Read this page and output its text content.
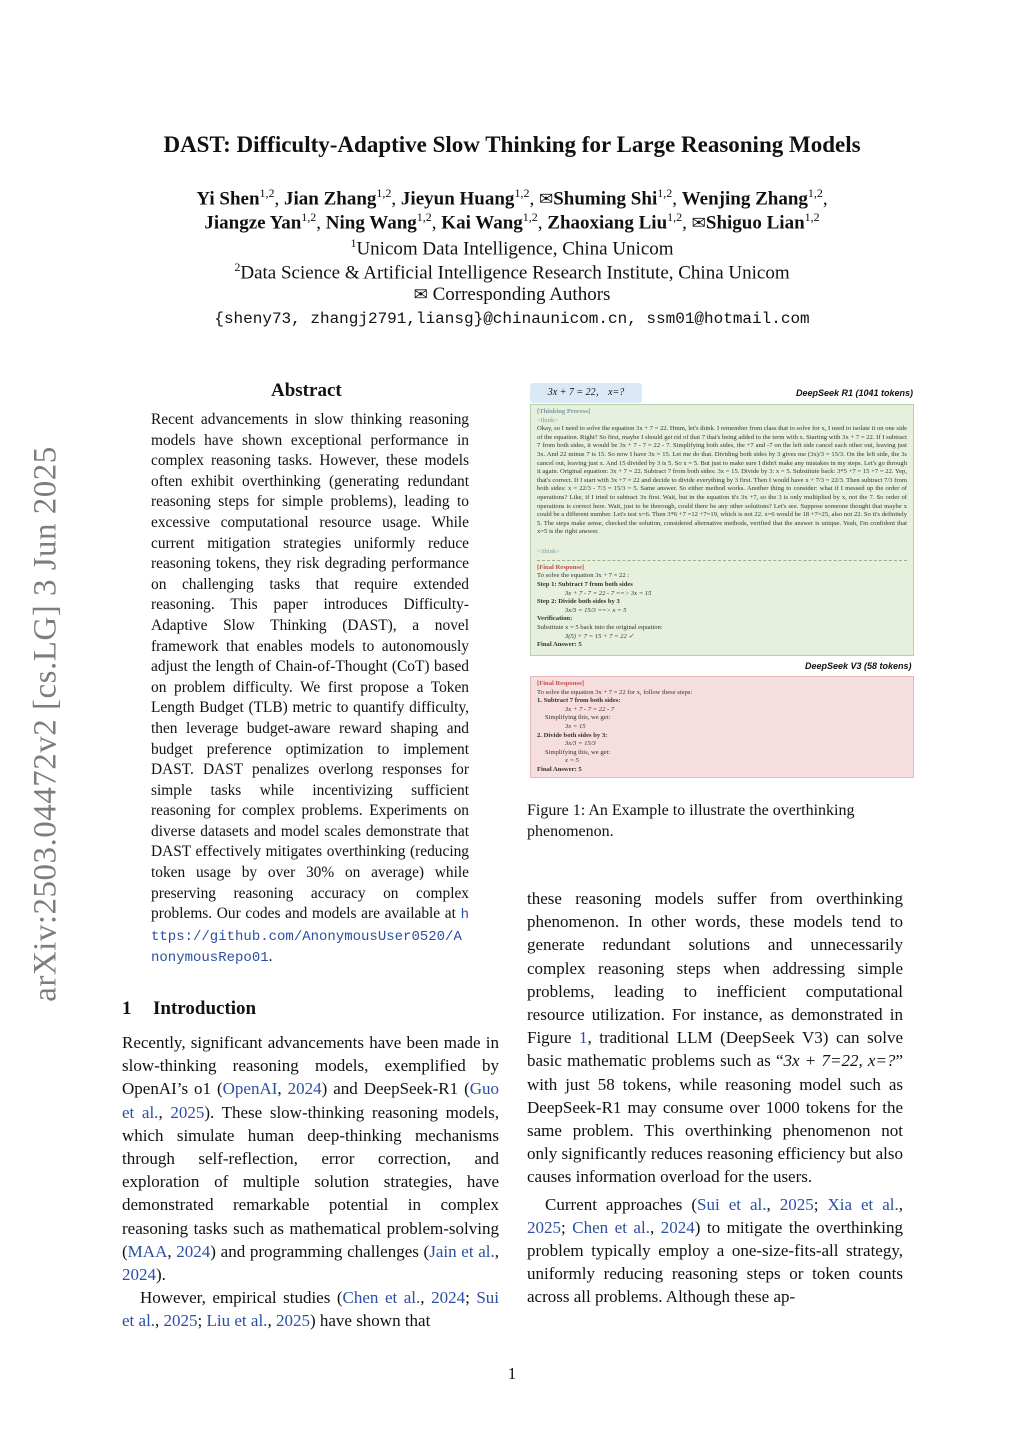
arXiv:2503.04472v2 [cs.LG] 3 Jun 2025
DAST: Difficulty-Adaptive Slow Thinking for Large Reasoning Models
Yi Shen$^{1,2}$, Jian Zhang$^{1,2}$, Jieyun Huang$^{1,2}$, ✉Shuming Shi$^{1,2}$, Wenjing Zhang$^{1,2}$,
Jiangze Yan$^{1,2}$, Ning Wang$^{1,2}$, Kai Wang$^{1,2}$, Zhaoxiang Liu$^{1,2}$, ✉Shiguo Lian$^{1,2}$
$^1$Unicom Data Intelligence, China Unicom
$^2$Data Science & Artificial Intelligence Research Institute, China Unicom
✉ Corresponding Authors
{sheny73, zhangj2791,liansg}@chinaunicom.cn, ssm01@hotmail.com
Abstract
Recent advancements in slow thinking reasoning models have shown exceptional performance in complex reasoning tasks. However, these models often exhibit overthinking (generating redundant reasoning steps for simple problems), leading to excessive computational resource usage. While current mitigation strategies uniformly reduce reasoning tokens, they risk degrading performance on challenging tasks that require extended reasoning. This paper introduces Difficulty-Adaptive Slow Thinking (DAST), a novel framework that enables models to autonomously adjust the length of Chain-of-Thought (CoT) based on problem difficulty. We first propose a Token Length Budget (TLB) metric to quantify difficulty, then leverage budget-aware reward shaping and budget preference optimization to implement DAST. DAST penalizes overlong responses for simple tasks while incentivizing sufficient reasoning for complex problems. Experiments on diverse datasets and model scales demonstrate that DAST effectively mitigates overthinking (reducing token usage by over 30% on average) while preserving reasoning accuracy on complex problems. Our codes and models are available at https://github.com/AnonymousUser0520/AnonymousRepo01.
1 Introduction

Recently, significant advancements have been made in slow-thinking reasoning models, exemplified by OpenAI’s o1 (OpenAI, 2024) and DeepSeek-R1 (Guo et al., 2025). These slow-thinking reasoning models, which simulate human deep-thinking mechanisms through self-reflection, error correction, and exploration of multiple solution strategies, have demonstrated remarkable potential in complex reasoning tasks such as mathematical problem-solving (MAA, 2024) and programming challenges (Jain et al., 2024).

However, empirical studies (Chen et al., 2024; Sui et al., 2025; Liu et al., 2025) have shown that

3x + 7 = 22， x=?	DeepSeek R1 (1041 tokens)
[Thinking Process]
<think>
Okay, so I need to solve the equation 3x + 7 = 22. Hmm, let's think. I remember from class that to solve for x, I need to isolate it on one side of the equation. Right? So first, maybe I should get rid of that 7 that's being added to the term with x. Starting with 3x + 7 = 22. If I subtract 7 from both sides, it would be 3x + 7 - 7 = 22 - 7. Simplifying both sides, the +7 and -7 on the left side cancel each other out, leaving just 3x. And 22 minus 7 is 15. So now I have 3x = 15. Let me do that. Dividing both sides by 3 gives me (3x)/3 = 15/3. On the left side, the 3s cancel out, leaving just x. And 15 divided by 3 is 5. So x = 5. But just to make sure I didn't make any mistakes in my steps. Let's go through it again. Original equation: 3x + 7 = 22. Subtract 7 from both sides: 3x = 15. Divide by 3: x = 5. Substitute back: 3*5 +7 = 15 +7 = 22. Yep, that's correct. If I start with 3x +7 = 22 and decide to divide everything by 3 first. Then I would have x + 7/3 = 22/3. Then subtract 7/3 from both sides: x = 22/3 - 7/3 = 15/3 = 5. Same answer. So either method works. Another thing to consider: what if I messed up the order of operations? Like, if I tried to subtract 3x first. Wait, but in the equation it's 3x +7, so the 3 is only multiplied by x, not the 7. So order of operations is correct here. Wait, just to be thorough, could there be any other solutions? Let's see. Suppose someone thought that maybe x could be a different number. Let's test x=6. Then 3*6 +7 =12 +7=19, which is not 22. x=6 would be 18 +7=25, also not 22. So it's definitely 5. The steps make sense, checked the solution, considered alternative methods, verified that the answer is unique. Yeah, I'm confident that x=5 is the right answer.
</think>
[Final Response]
To solve the equation 3x + 7 = 22 :
Step 1: Subtract 7 from both sides
3x + 7 - 7 = 22 - 7 ==> 3x = 15
Step 2: Divide both sides by 3
3x/3 = 15/3 ==> x = 5
Verification:
Substitute x = 5 back into the original equation:
3(5) + 7 = 15 + 7 = 22 ✓
Final Answer: 5
DeepSeek V3 (58 tokens)
[Final Response]
To solve the equation 3x + 7 = 22 for x, follow these steps:
1. Subtract 7 from both sides:
3x + 7 - 7 = 22 - 7
Simplifying this, we get:
3x = 15
2. Divide both sides by 3:
3x/3 = 15/3
Simplifying this, we get:
x = 5
Final Answer: 5
Figure 1: An Example to illustrate the overthinking phenomenon.

these reasoning models suffer from overthinking phenomenon. In other words, these models tend to generate redundant solutions and unnecessarily complex reasoning steps when addressing simple problems, leading to inefficient computational resource utilization. For instance, as demonstrated in Figure 1, traditional LLM (DeepSeek V3) can solve basic mathematic problems such as “3x + 7=22, x=?” with just 58 tokens, while reasoning model such as DeepSeek-R1 may consume over 1000 tokens for the same problem. This overthinking phenomenon not only significantly reduces reasoning efficiency but also causes information overload for the users.

Current approaches (Sui et al., 2025; Xia et al., 2025; Chen et al., 2024) to mitigate the overthinking problem typically employ a one-size-fits-all strategy, uniformly reducing reasoning steps or token counts across all problems. Although these ap-

1
